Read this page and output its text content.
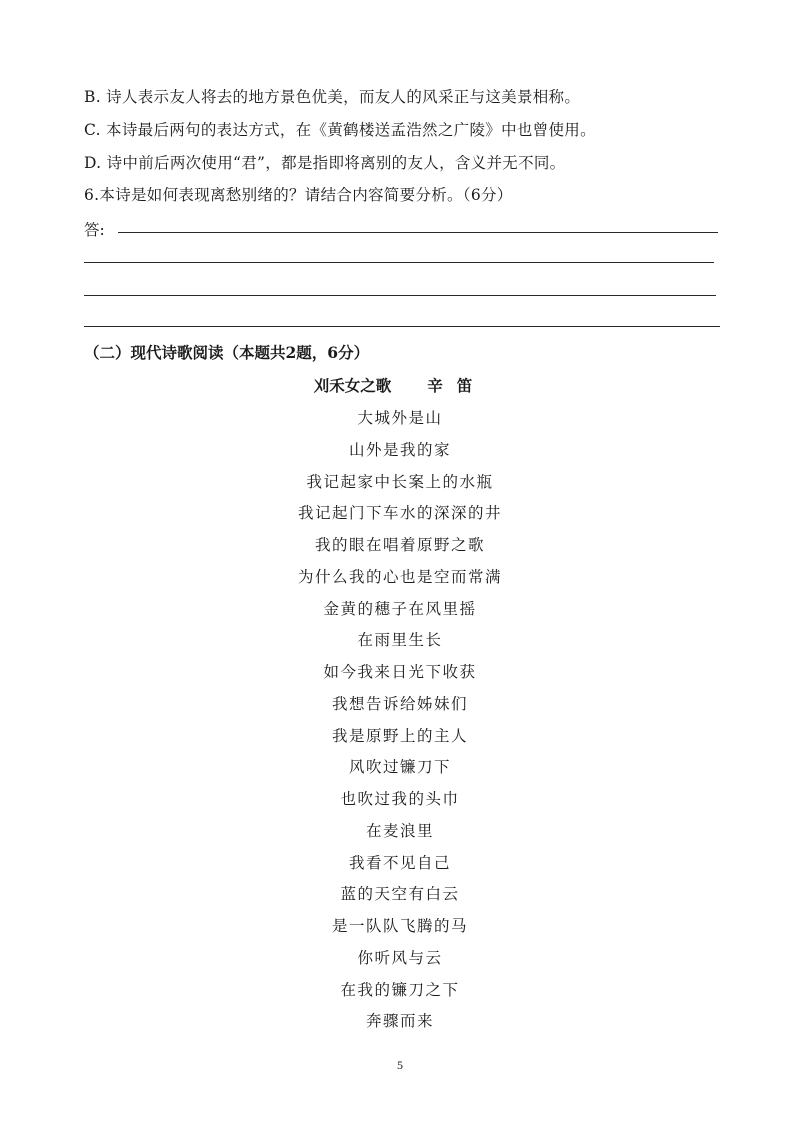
B. 诗人表示友人将去的地方景色优美，而友人的风采正与这美景相称。
C. 本诗最后两句的表达方式，在《黄鹤楼送孟浩然之广陵》中也曾使用。
D. 诗中前后两次使用“君”，都是指即将离别的友人，含义并无不同。
6.本诗是如何表现离愁别绪的？请结合内容简要分析。（6分）
答:
（二）现代诗歌阅读（本题共2题，6分）
刈禾女之歌 辛笛
大城外是山
山外是我的家
我记起家中长案上的水瓶
我记起门下车水的深深的井
我的眼在唱着原野之歌
为什么我的心也是空而常满
金黄的穗子在风里摇
在雨里生长
如今我来日光下收获
我想告诉给姊妹们
我是原野上的主人
风吹过镰刀下
也吹过我的头巾
在麦浪里
我看不见自己
蓝的天空有白云
是一队队飞腾的马
你听风与云
在我的镰刀之下
奔骤而来
5
